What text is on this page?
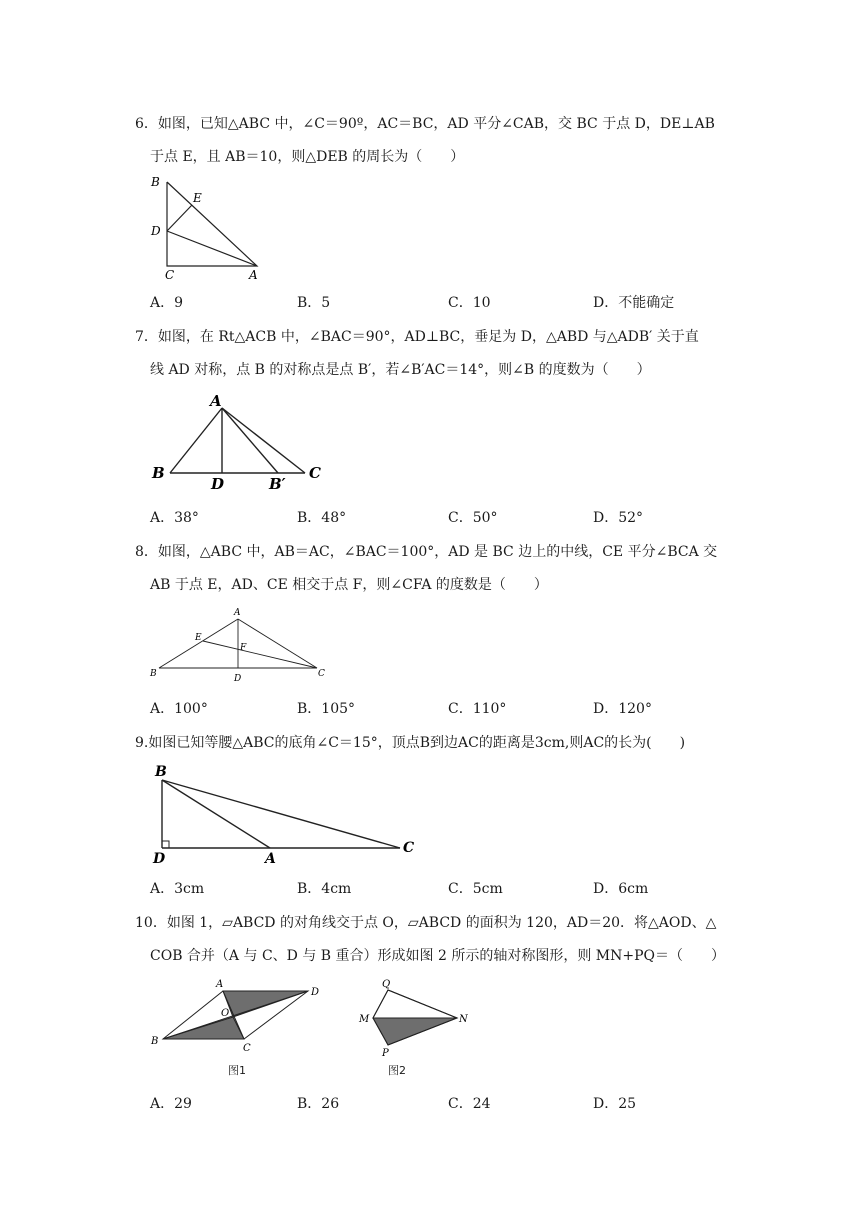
6．如图，已知△ABC 中，∠C＝90º，AC＝BC，AD 平分∠CAB，交 BC 于点 D，DE⊥AB
于点 E，且 AB＝10，则△DEB 的周长为（　　）
B
E
D
C	A
A．9	B．5	C．10	D．不能确定
7．如图，在 Rt△ACB 中，∠BAC＝90°，AD⊥BC，垂足为 D，△ABD 与△ADB′ 关于直
线 AD 对称，点 B 的对称点是点 B′，若∠B′AC＝14°，则∠B 的度数为（　　）
A
B
D	B′
C
A．38°	B．48°	C．50°	D．52°
8．如图，△ABC 中，AB＝AC，∠BAC＝100°，AD 是 BC 边上的中线，CE 平分∠BCA 交
AB 于点 E，AD、CE 相交于点 F，则∠CFA 的度数是（　　）
A
E
F
B	D	C
A．100°	B．105°	C．110°	D．120°
9.如图已知等腰△ABC的底角∠C＝15°，顶点B到边AC的距离是3cm,则AC的长为(　　)
B
D	A
C
A．3cm	B．4cm	C．5cm	D．6cm
10．如图 1，▱ABCD 的对角线交于点 O，▱ABCD 的面积为 120，AD＝20．将△AOD、△
COB 合并（A 与 C、D 与 B 重合）形成如图 2 所示的轴对称图形，则 MN+PQ＝（　　）
A
D
O
B
C
图1
Q
M	N
P
图2
A．29	B．26	C．24	D．25
